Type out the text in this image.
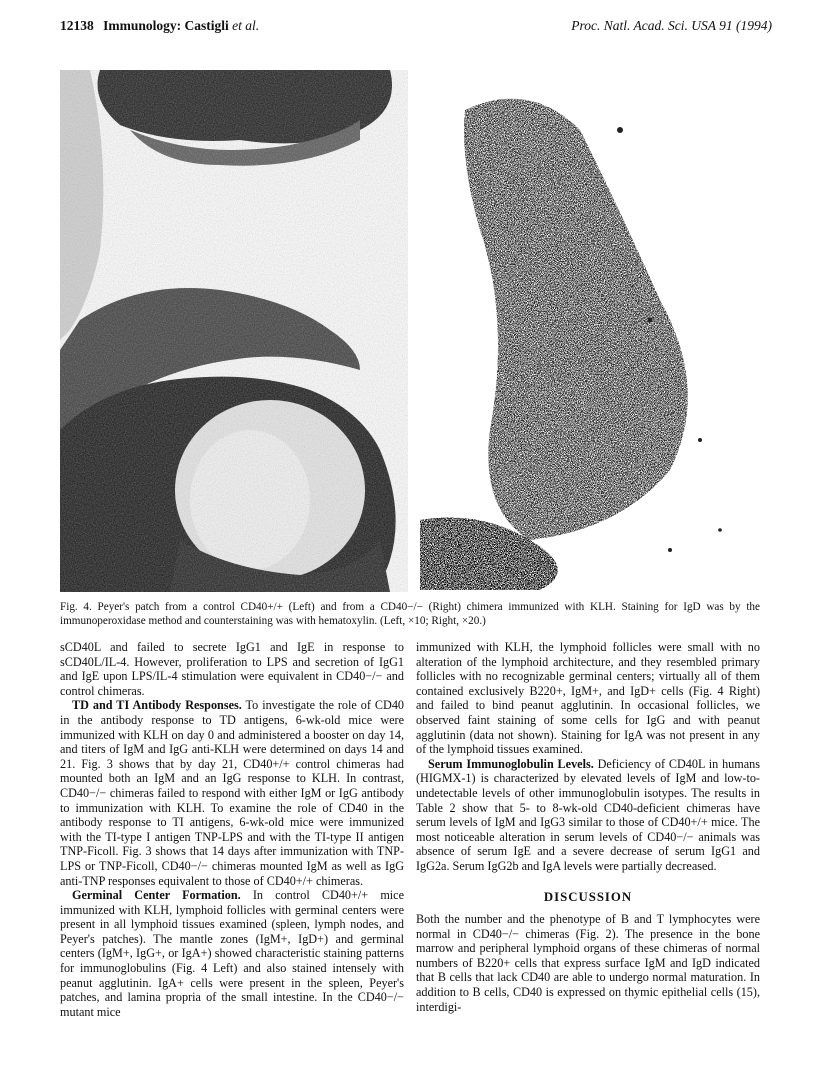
12138 Immunology: Castigli et al.	Proc. Natl. Acad. Sci. USA 91 (1994)
Fig. 4. Peyer's patch from a control CD40+/+ (Left) and from a CD40−/− (Right) chimera immunized with KLH. Staining for IgD was by the immunoperoxidase method and counterstaining was with hematoxylin. (Left, ×10; Right, ×20.)

sCD40L and failed to secrete IgG1 and IgE in response to sCD40L/IL-4. However, proliferation to LPS and secretion of IgG1 and IgE upon LPS/IL-4 stimulation were equivalent in CD40−/− and control chimeras.

TD and TI Antibody Responses. To investigate the role of CD40 in the antibody response to TD antigens, 6-wk-old mice were immunized with KLH on day 0 and administered a booster on day 14, and titers of IgM and IgG anti-KLH were determined on days 14 and 21. Fig. 3 shows that by day 21, CD40+/+ control chimeras had mounted both an IgM and an IgG response to KLH. In contrast, CD40−/− chimeras failed to respond with either IgM or IgG antibody to immunization with KLH. To examine the role of CD40 in the antibody response to TI antigens, 6-wk-old mice were immunized with the TI-type I antigen TNP-LPS and with the TI-type II antigen TNP-Ficoll. Fig. 3 shows that 14 days after immunization with TNP-LPS or TNP-Ficoll, CD40−/− chimeras mounted IgM as well as IgG anti-TNP responses equivalent to those of CD40+/+ chimeras.

Germinal Center Formation. In control CD40+/+ mice immunized with KLH, lymphoid follicles with germinal centers were present in all lymphoid tissues examined (spleen, lymph nodes, and Peyer's patches). The mantle zones (IgM+, IgD+) and germinal centers (IgM+, IgG+, or IgA+) showed characteristic staining patterns for immunoglobulins (Fig. 4 Left) and also stained intensely with peanut agglutinin. IgA+ cells were present in the spleen, Peyer's patches, and lamina propria of the small intestine. In the CD40−/− mutant mice

immunized with KLH, the lymphoid follicles were small with no alteration of the lymphoid architecture, and they resembled primary follicles with no recognizable germinal centers; virtually all of them contained exclusively B220+, IgM+, and IgD+ cells (Fig. 4 Right) and failed to bind peanut agglutinin. In occasional follicles, we observed faint staining of some cells for IgG and with peanut agglutinin (data not shown). Staining for IgA was not present in any of the lymphoid tissues examined.

Serum Immunoglobulin Levels. Deficiency of CD40L in humans (HIGMX-1) is characterized by elevated levels of IgM and low-to-undetectable levels of other immunoglobulin isotypes. The results in Table 2 show that 5- to 8-wk-old CD40-deficient chimeras have serum levels of IgM and IgG3 similar to those of CD40+/+ mice. The most noticeable alteration in serum levels of CD40−/− animals was absence of serum IgE and a severe decrease of serum IgG1 and IgG2a. Serum IgG2b and IgA levels were partially decreased.

DISCUSSION

Both the number and the phenotype of B and T lymphocytes were normal in CD40−/− chimeras (Fig. 2). The presence in the bone marrow and peripheral lymphoid organs of these chimeras of normal numbers of B220+ cells that express surface IgM and IgD indicated that B cells that lack CD40 are able to undergo normal maturation. In addition to B cells, CD40 is expressed on thymic epithelial cells (15), interdigi-
